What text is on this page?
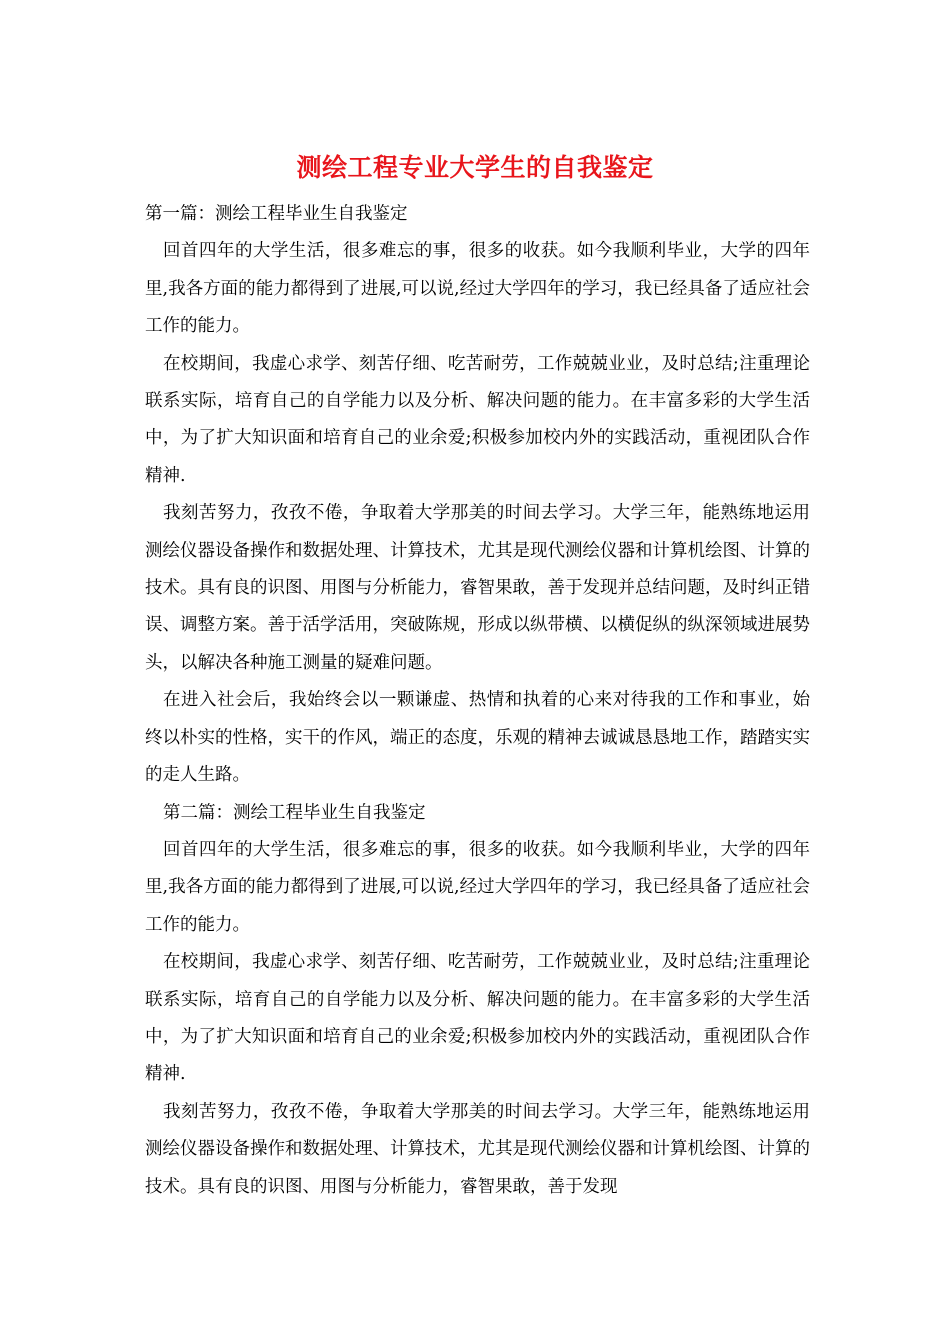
测绘工程专业大学生的自我鉴定

第一篇：测绘工程毕业生自我鉴定

回首四年的大学生活，很多难忘的事，很多的收获。如今我顺利毕业，大学的四年里,我各方面的能力都得到了进展,可以说,经过大学四年的学习，我已经具备了适应社会工作的能力。

在校期间，我虚心求学、刻苦仔细、吃苦耐劳，工作兢兢业业，及时总结;注重理论联系实际，培育自己的自学能力以及分析、解决问题的能力。在丰富多彩的大学生活中，为了扩大知识面和培育自己的业余爱;积极参加校内外的实践活动，重视团队合作精神.

我刻苦努力，孜孜不倦，争取着大学那美的时间去学习。大学三年，能熟练地运用测绘仪器设备操作和数据处理、计算技术，尤其是现代测绘仪器和计算机绘图、计算的技术。具有良的识图、用图与分析能力，睿智果敢，善于发现并总结问题，及时纠正错误、调整方案。善于活学活用，突破陈规，形成以纵带横、以横促纵的纵深领域进展势头，以解决各种施工测量的疑难问题。

在进入社会后，我始终会以一颗谦虚、热情和执着的心来对待我的工作和事业，始终以朴实的性格，实干的作风，端正的态度，乐观的精神去诚诚恳恳地工作，踏踏实实的走人生路。

第二篇：测绘工程毕业生自我鉴定

回首四年的大学生活，很多难忘的事，很多的收获。如今我顺利毕业，大学的四年里,我各方面的能力都得到了进展,可以说,经过大学四年的学习，我已经具备了适应社会工作的能力。

在校期间，我虚心求学、刻苦仔细、吃苦耐劳，工作兢兢业业，及时总结;注重理论联系实际，培育自己的自学能力以及分析、解决问题的能力。在丰富多彩的大学生活中，为了扩大知识面和培育自己的业余爱;积极参加校内外的实践活动，重视团队合作精神.

我刻苦努力，孜孜不倦，争取着大学那美的时间去学习。大学三年，能熟练地运用测绘仪器设备操作和数据处理、计算技术，尤其是现代测绘仪器和计算机绘图、计算的技术。具有良的识图、用图与分析能力，睿智果敢，善于发现
